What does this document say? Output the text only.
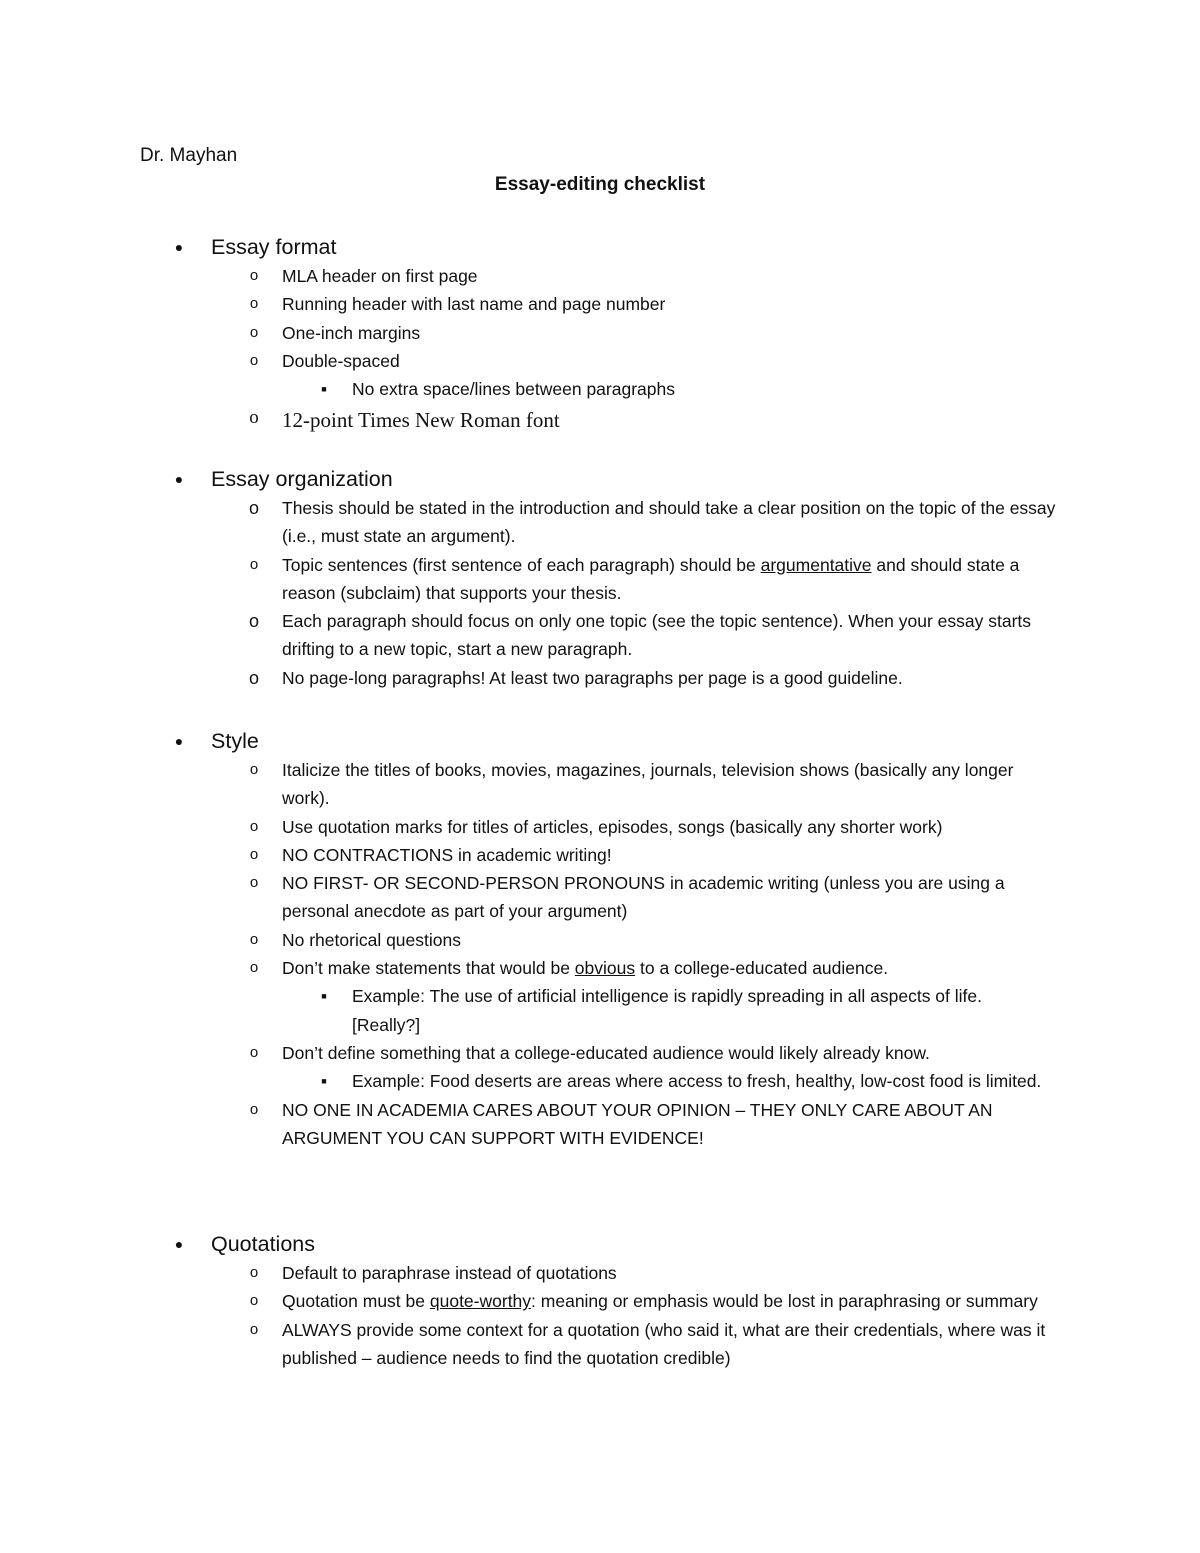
Dr. Mayhan
Essay-editing checklist
● Essay format
o MLA header on first page
o Running header with last name and page number
o One-inch margins
o Double-spaced
■ No extra space/lines between paragraphs
o 12-point Times New Roman font
● Essay organization
o Thesis should be stated in the introduction and should take a clear position on the topic of the essay (i.e., must state an argument).
o Topic sentences (first sentence of each paragraph) should be argumentative and should state a reason (subclaim) that supports your thesis.
o Each paragraph should focus on only one topic (see the topic sentence). When your essay starts drifting to a new topic, start a new paragraph.
o No page-long paragraphs! At least two paragraphs per page is a good guideline.
● Style
o Italicize the titles of books, movies, magazines, journals, television shows (basically any longer work).
o Use quotation marks for titles of articles, episodes, songs (basically any shorter work)
o NO CONTRACTIONS in academic writing!
o NO FIRST- OR SECOND-PERSON PRONOUNS in academic writing (unless you are using a personal anecdote as part of your argument)
o No rhetorical questions
o Don’t make statements that would be obvious to a college-educated audience.
■ Example: The use of artificial intelligence is rapidly spreading in all aspects of life. [Really?]
o Don’t define something that a college-educated audience would likely already know.
■ Example: Food deserts are areas where access to fresh, healthy, low-cost food is limited.
o NO ONE IN ACADEMIA CARES ABOUT YOUR OPINION – THEY ONLY CARE ABOUT AN ARGUMENT YOU CAN SUPPORT WITH EVIDENCE!
● Quotations
o Default to paraphrase instead of quotations
o Quotation must be quote-worthy: meaning or emphasis would be lost in paraphrasing or summary
o ALWAYS provide some context for a quotation (who said it, what are their credentials, where was it published – audience needs to find the quotation credible)
